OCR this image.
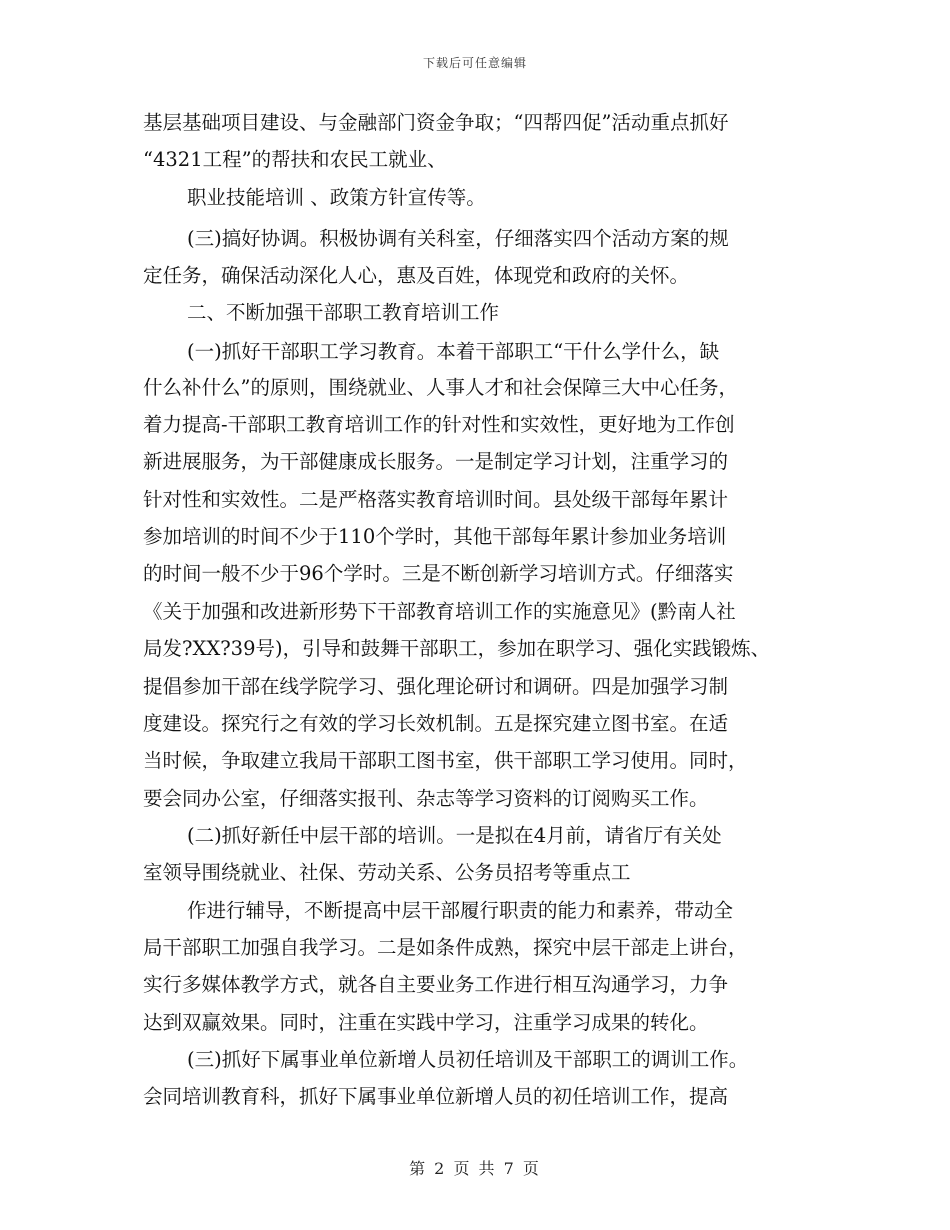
下载后可任意编辑
基层基础项目建设、与金融部门资金争取；“四帮四促”活动重点抓好
“4321工程”的帮扶和农民工就业、
职业技能培训 、政策方针宣传等。
(三)搞好协调。积极协调有关科室，仔细落实四个活动方案的规
定任务，确保活动深化人心，惠及百姓，体现党和政府的关怀。
二、不断加强干部职工教育培训工作
(一)抓好干部职工学习教育。本着干部职工“干什么学什么，缺
什么补什么”的原则，围绕就业、人事人才和社会保障三大中心任务，
着力提高-干部职工教育培训工作的针对性和实效性，更好地为工作创
新进展服务，为干部健康成长服务。一是制定学习计划，注重学习的
针对性和实效性。二是严格落实教育培训时间。县处级干部每年累计
参加培训的时间不少于110个学时，其他干部每年累计参加业务培训
的时间一般不少于96个学时。三是不断创新学习培训方式。仔细落实
《关于加强和改进新形势下干部教育培训工作的实施意见》(黔南人社
局发?XX?39号)，引导和鼓舞干部职工，参加在职学习、强化实践锻炼、
提倡参加干部在线学院学习、强化理论研讨和调研。四是加强学习制
度建设。探究行之有效的学习长效机制。五是探究建立图书室。在适
当时候，争取建立我局干部职工图书室，供干部职工学习使用。同时，
要会同办公室，仔细落实报刊、杂志等学习资料的订阅购买工作。
(二)抓好新任中层干部的培训。一是拟在4月前，请省厅有关处
室领导围绕就业、社保、劳动关系、公务员招考等重点工
作进行辅导，不断提高中层干部履行职责的能力和素养，带动全
局干部职工加强自我学习。二是如条件成熟，探究中层干部走上讲台，
实行多媒体教学方式，就各自主要业务工作进行相互沟通学习，力争
达到双赢效果。同时，注重在实践中学习，注重学习成果的转化。
(三)抓好下属事业单位新增人员初任培训及干部职工的调训工作。
会同培训教育科，抓好下属事业单位新增人员的初任培训工作，提高
第 2 页 共 7 页
